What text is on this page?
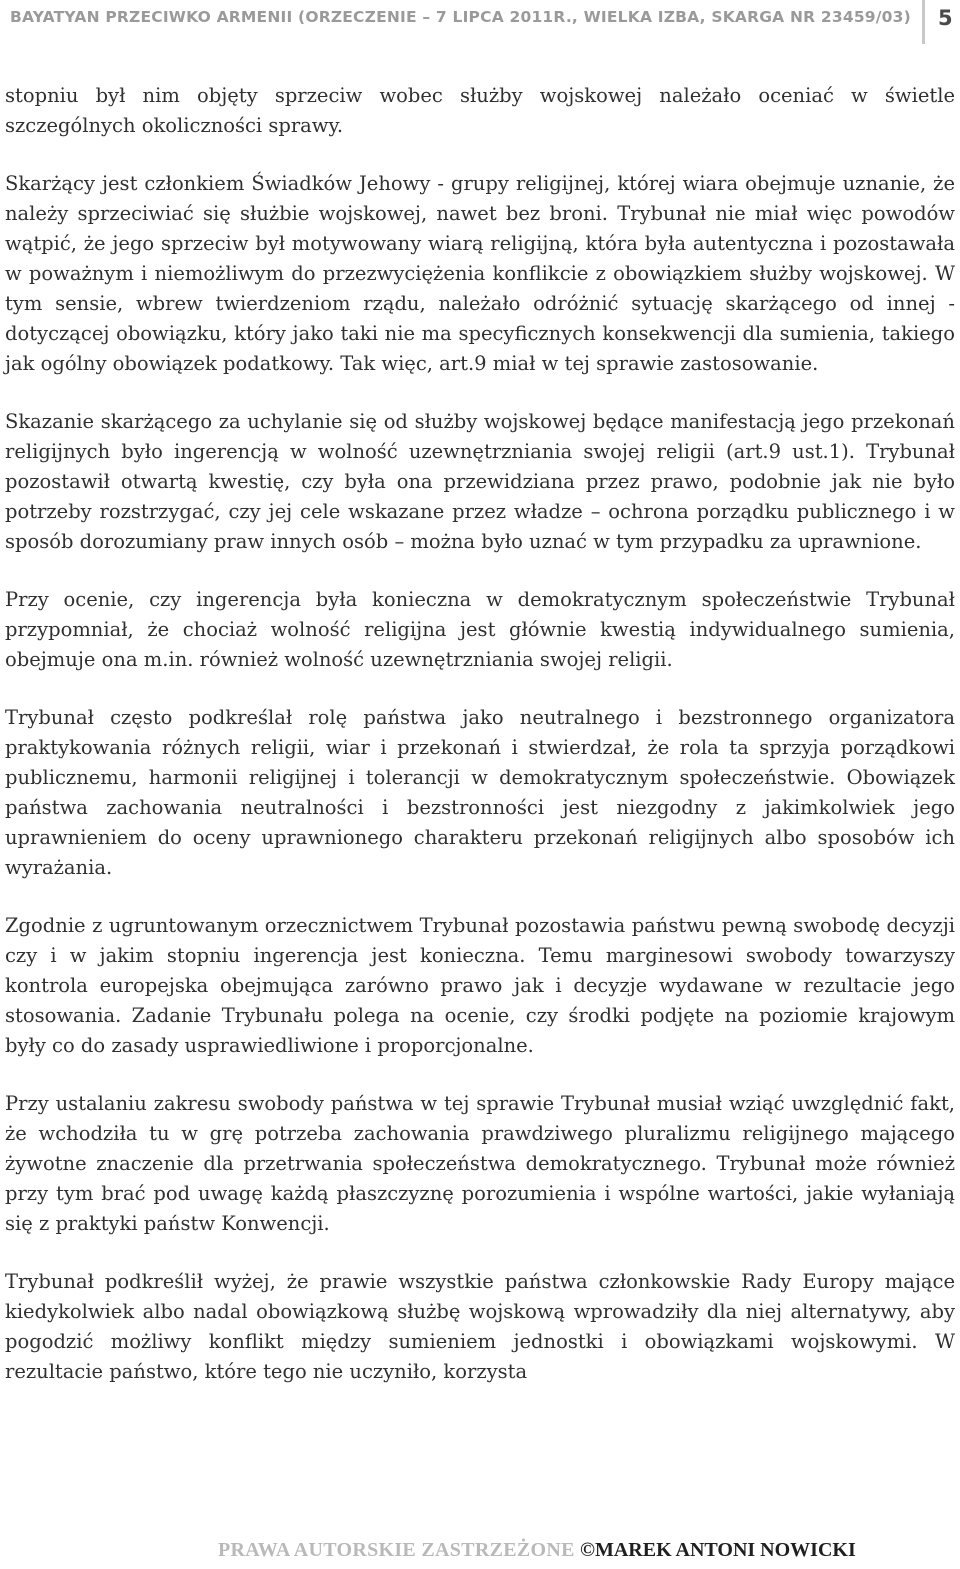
BAYATYAN PRZECIWKO ARMENII (ORZECZENIE – 7 LIPCA 2011R., WIELKA IZBA, SKARGA NR 23459/03) 5

stopniu był nim objęty sprzeciw wobec służby wojskowej należało oceniać w świetle szczególnych okoliczności sprawy.

Skarżący jest członkiem Świadków Jehowy - grupy religijnej, której wiara obejmuje uznanie, że należy sprzeciwiać się służbie wojskowej, nawet bez broni. Trybunał nie miał więc powodów wątpić, że jego sprzeciw był motywowany wiarą religijną, która była autentyczna i pozostawała w poważnym i niemożliwym do przezwyciężenia konflikcie z obowiązkiem służby wojskowej. W tym sensie, wbrew twierdzeniom rządu, należało odróżnić sytuację skarżącego od innej - dotyczącej obowiązku, który jako taki nie ma specyficznych konsekwencji dla sumienia, takiego jak ogólny obowiązek podatkowy. Tak więc, art.9 miał w tej sprawie zastosowanie.

Skazanie skarżącego za uchylanie się od służby wojskowej będące manifestacją jego przekonań religijnych było ingerencją w wolność uzewnętrzniania swojej religii (art.9 ust.1). Trybunał pozostawił otwartą kwestię, czy była ona przewidziana przez prawo, podobnie jak nie było potrzeby rozstrzygać, czy jej cele wskazane przez władze – ochrona porządku publicznego i w sposób dorozumiany praw innych osób – można było uznać w tym przypadku za uprawnione.

Przy ocenie, czy ingerencja była konieczna w demokratycznym społeczeństwie Trybunał przypomniał, że chociaż wolność religijna jest głównie kwestią indywidualnego sumienia, obejmuje ona m.in. również wolność uzewnętrzniania swojej religii.

Trybunał często podkreślał rolę państwa jako neutralnego i bezstronnego organizatora praktykowania różnych religii, wiar i przekonań i stwierdzał, że rola ta sprzyja porządkowi publicznemu, harmonii religijnej i tolerancji w demokratycznym społeczeństwie. Obowiązek państwa zachowania neutralności i bezstronności jest niezgodny z jakimkolwiek jego uprawnieniem do oceny uprawnionego charakteru przekonań religijnych albo sposobów ich wyrażania.

Zgodnie z ugruntowanym orzecznictwem Trybunał pozostawia państwu pewną swobodę decyzji czy i w jakim stopniu ingerencja jest konieczna. Temu marginesowi swobody towarzyszy kontrola europejska obejmująca zarówno prawo jak i decyzje wydawane w rezultacie jego stosowania. Zadanie Trybunału polega na ocenie, czy środki podjęte na poziomie krajowym były co do zasady usprawiedliwione i proporcjonalne.

Przy ustalaniu zakresu swobody państwa w tej sprawie Trybunał musiał wziąć uwzględnić fakt, że wchodziła tu w grę potrzeba zachowania prawdziwego pluralizmu religijnego mającego żywotne znaczenie dla przetrwania społeczeństwa demokratycznego. Trybunał może również przy tym brać pod uwagę każdą płaszczyznę porozumienia i wspólne wartości, jakie wyłaniają się z praktyki państw Konwencji.

Trybunał podkreślił wyżej, że prawie wszystkie państwa członkowskie Rady Europy mające kiedykolwiek albo nadal obowiązkową służbę wojskową wprowadziły dla niej alternatywy, aby pogodzić możliwy konflikt między sumieniem jednostki i obowiązkami wojskowymi. W rezultacie państwo, które tego nie uczyniło, korzysta

PRAWA AUTORSKIE ZASTRZEŻONE ©MAREK ANTONI NOWICKI
